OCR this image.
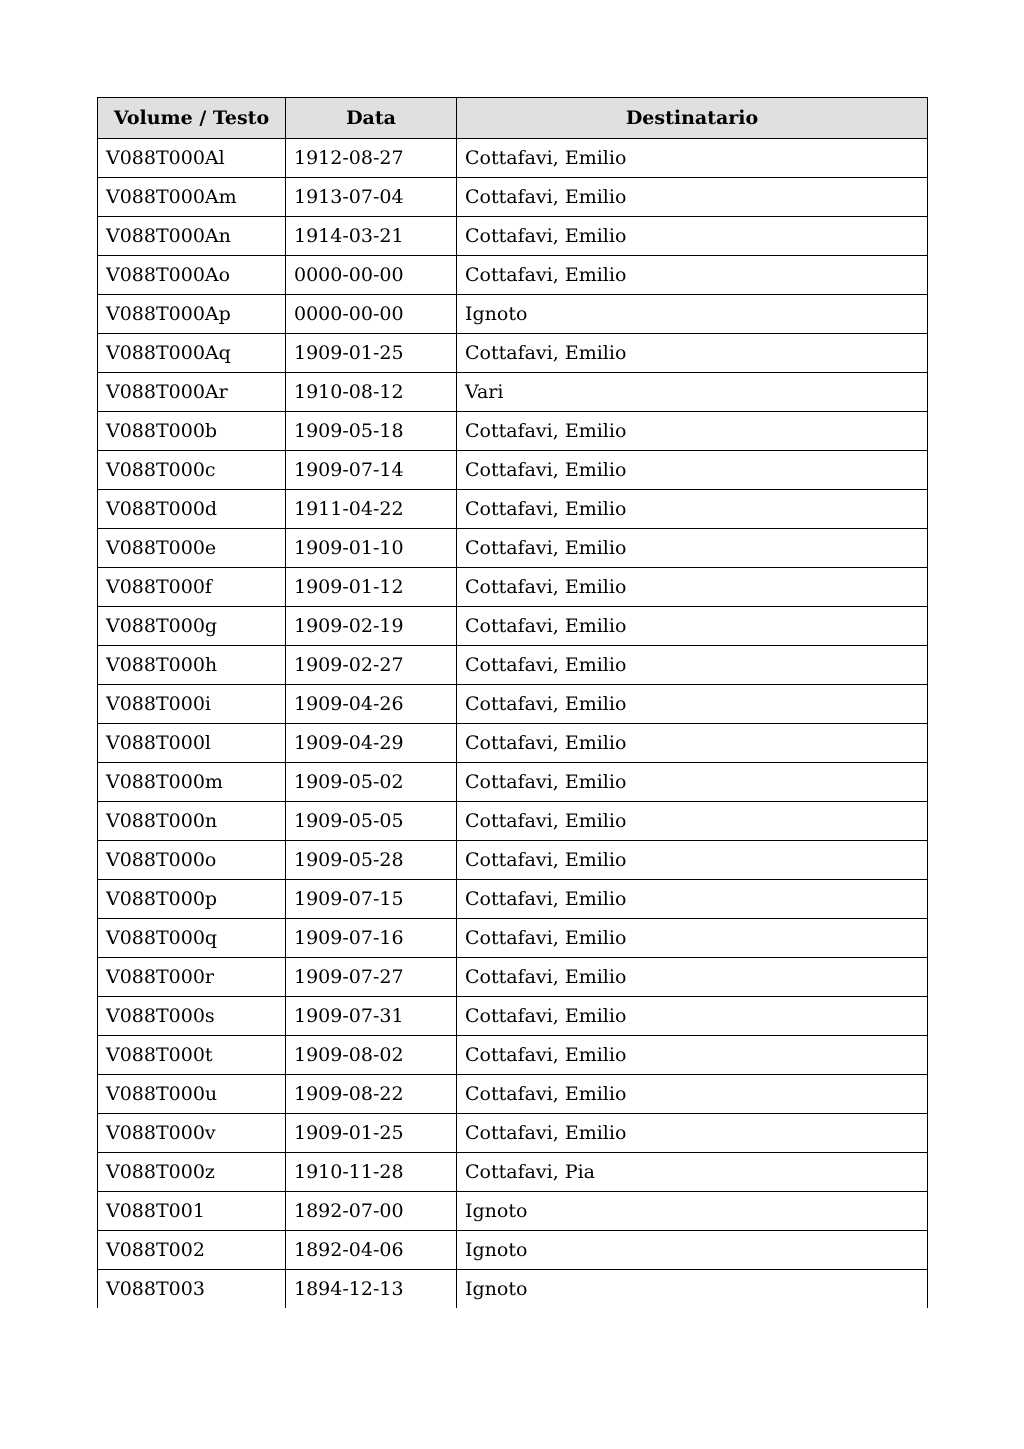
Volume / Testo	Data	Destinatario
V088T000Al	1912-08-27	Cottafavi, Emilio
V088T000Am	1913-07-04	Cottafavi, Emilio
V088T000An	1914-03-21	Cottafavi, Emilio
V088T000Ao	0000-00-00	Cottafavi, Emilio
V088T000Ap	0000-00-00	Ignoto
V088T000Aq	1909-01-25	Cottafavi, Emilio
V088T000Ar	1910-08-12	Vari
V088T000b	1909-05-18	Cottafavi, Emilio
V088T000c	1909-07-14	Cottafavi, Emilio
V088T000d	1911-04-22	Cottafavi, Emilio
V088T000e	1909-01-10	Cottafavi, Emilio
V088T000f	1909-01-12	Cottafavi, Emilio
V088T000g	1909-02-19	Cottafavi, Emilio
V088T000h	1909-02-27	Cottafavi, Emilio
V088T000i	1909-04-26	Cottafavi, Emilio
V088T000l	1909-04-29	Cottafavi, Emilio
V088T000m	1909-05-02	Cottafavi, Emilio
V088T000n	1909-05-05	Cottafavi, Emilio
V088T000o	1909-05-28	Cottafavi, Emilio
V088T000p	1909-07-15	Cottafavi, Emilio
V088T000q	1909-07-16	Cottafavi, Emilio
V088T000r	1909-07-27	Cottafavi, Emilio
V088T000s	1909-07-31	Cottafavi, Emilio
V088T000t	1909-08-02	Cottafavi, Emilio
V088T000u	1909-08-22	Cottafavi, Emilio
V088T000v	1909-01-25	Cottafavi, Emilio
V088T000z	1910-11-28	Cottafavi, Pia
V088T001	1892-07-00	Ignoto
V088T002	1892-04-06	Ignoto
V088T003	1894-12-13	Ignoto
